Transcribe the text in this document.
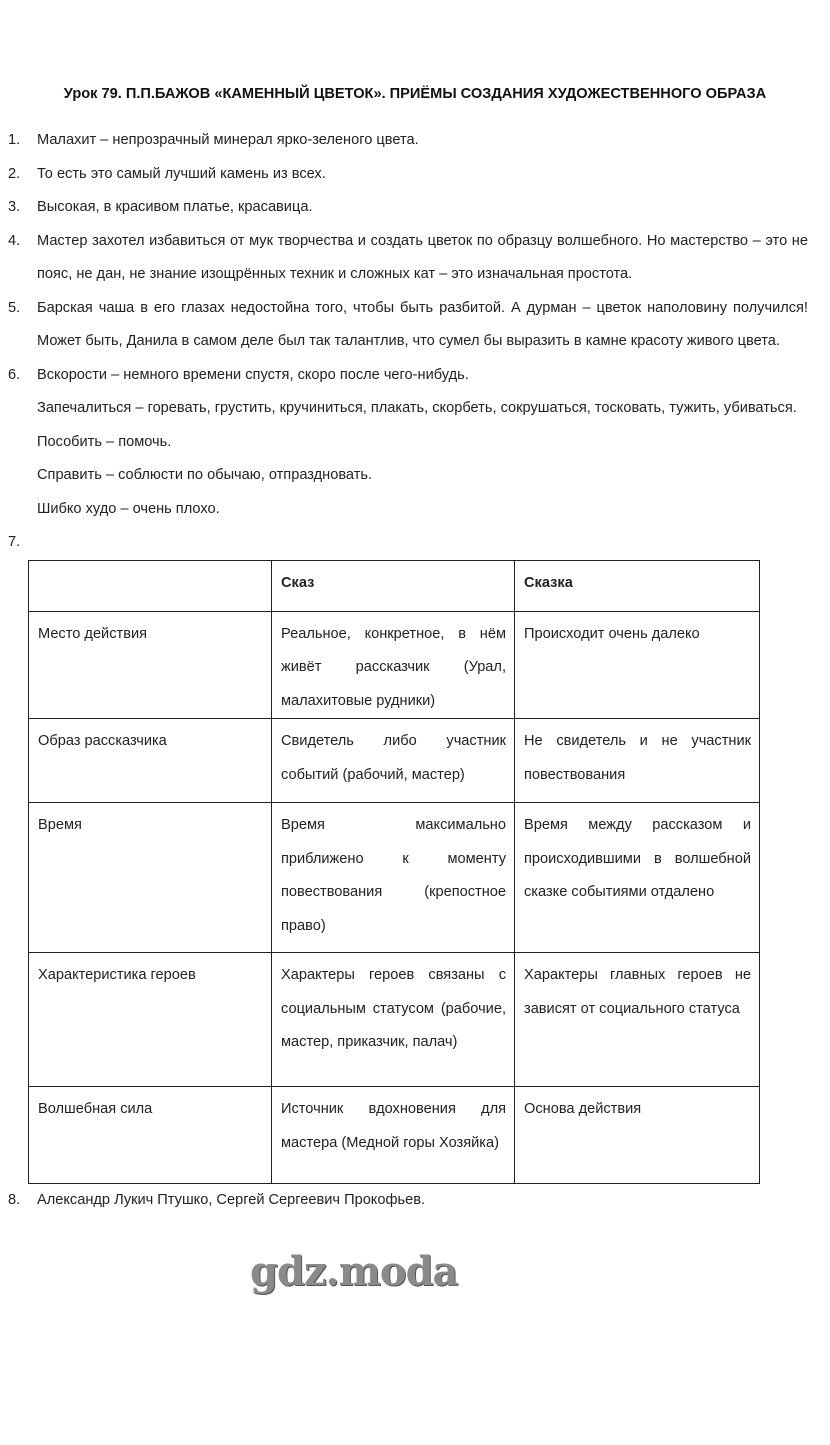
Урок 79. П.П.БАЖОВ «КАМЕННЫЙ ЦВЕТОК». ПРИЁМЫ СОЗДАНИЯ ХУДОЖЕСТВЕННОГО ОБРАЗА
1.	Малахит – непрозрачный минерал ярко-зеленого цвета.
2.	То есть это самый лучший камень из всех.
3.	Высокая, в красивом платье, красавица.
4.	Мастер захотел избавиться от мук творчества и создать цветок по образцу волшебного. Но мастерство – это не пояс, не дан, не знание изощрённых техник и сложных кат – это изначальная простота.
5.	Барская чаша в его глазах недостойна того, чтобы быть разбитой. А дурман – цветок наполовину получился! Может быть, Данила в самом деле был так талантлив, что сумел бы выразить в камне красоту живого цвета.
6.	Вскорости – немного времени спустя, скоро после чего-нибудь.
Запечалиться – горевать, грустить, кручиниться, плакать, скорбеть, сокрушаться, тосковать, тужить, убиваться.
Пособить – помочь.
Справить – соблюсти по обычаю, отпраздновать.
Шибко худо – очень плохо.
7.

	Сказ	Сказка
Место действия	Реальное, конкретное, в нём живёт рассказчик (Урал, малахитовые рудники)	Происходит очень далеко
Образ рассказчика	Свидетель либо участник событий (рабочий, мастер)	Не свидетель и не участник повествования
Время	Время максимально приближено к моменту повествования (крепостное право)	Время между рассказом и происходившими в волшебной сказке событиями отдалено
Характеристика героев	Характеры героев связаны с социальным статусом (рабочие, мастер, приказчик, палач)	Характеры главных героев не зависят от социального статуса
Волшебная сила	Источник вдохновения для мастера (Медной горы Хозяйка)	Основа действия
8.	Александр Лукич Птушко, Сергей Сергеевич Прокофьев.
gdz.moda
